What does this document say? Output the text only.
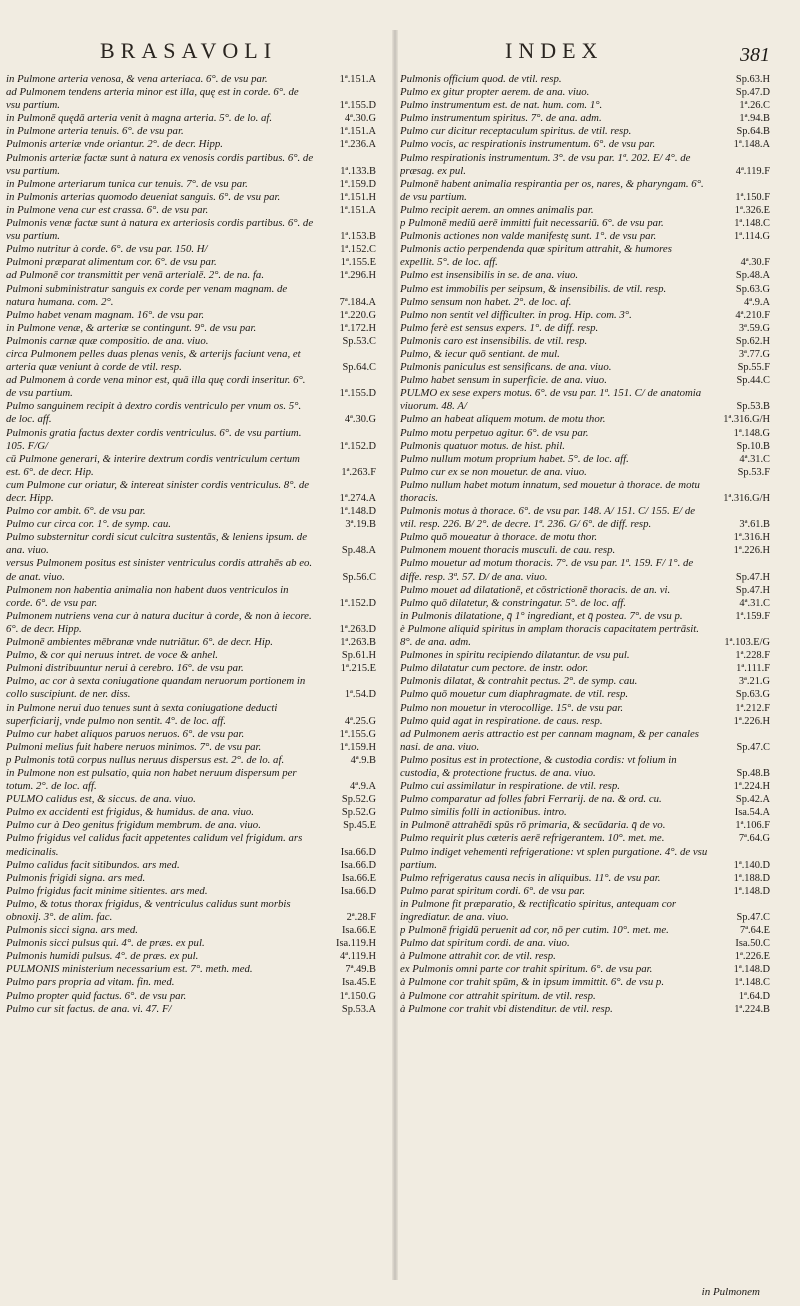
BRASAVOLI	INDEX	381
in Pulmone arteria venosa, & vena arteriaca. 6°. de vsu par.	1ª.151.A
ad Pulmonem tendens arteria minor est illa, quę est in corde. 6°. de vsu partium.	1ª.155.D
in Pulmonē quędā arteria venit à magna arteria. 5°. de lo. af.	4ª.30.G
in Pulmone arteria tenuis. 6°. de vsu par.	1ª.151.A
Pulmonis arteriæ vnde oriantur. 2°. de decr. Hipp.	1ª.236.A
Pulmonis arteriæ factæ sunt à natura ex venosis cordis partibus. 6°. de vsu partium.	1ª.133.B
in Pulmone arteriarum tunica cur tenuis. 7°. de vsu par.	1ª.159.D
in Pulmonis arterias quomodo deueniat sanguis. 6°. de vsu par.	1ª.151.H
in Pulmone vena cur est crassa. 6°. de vsu par.	1ª.151.A
Pulmonis venæ factæ sunt à natura ex arteriosis cordis partibus. 6°. de vsu partium.	1ª.153.B
Pulmo nutritur à corde. 6°. de vsu par. 150. H/	1ª.152.C
Pulmoni præparat alimentum cor. 6°. de vsu par.	1ª.155.E
ad Pulmonē cor transmittit per venā arterialē. 2°. de na. fa.	1ª.296.H
Pulmoni subministratur sanguis ex corde per venam magnam. de natura humana. com. 2°.	7ª.184.A
Pulmo habet venam magnam. 16°. de vsu par.	1ª.220.G
in Pulmone venæ, & arteriæ se contingunt. 9°. de vsu par.	1ª.172.H
Pulmonis carnæ quæ compositio. de ana. viuo.	Sp.53.C
circa Pulmonem pelles duas plenas venis, & arterijs faciunt vena, et arteria quæ veniunt à corde de vtil. resp.	Sp.64.C
ad Pulmonem à corde vena minor est, quā illa quę cordi inseritur. 6°. de vsu partium.	1ª.155.D
Pulmo sanguinem recipit à dextro cordis ventriculo per vnum os. 5°. de loc. aff.	4ª.30.G
Pulmonis gratia factus dexter cordis ventriculus. 6°. de vsu partium. 105. F/G/	1ª.152.D
cū Pulmone generari, & interire dextrum cordis ventriculum certum est. 6°. de decr. Hip.	1ª.263.F
cum Pulmone cur oriatur, & intereat sinister cordis ventriculus. 8°. de decr. Hipp.	1ª.274.A
Pulmo cor ambit. 6°. de vsu par.	1ª.148.D
Pulmo cur circa cor. 1°. de symp. cau.	3ª.19.B
Pulmo substernitur cordi sicut culcitra sustentās, & leniens ipsum. de ana. viuo.	Sp.48.A
versus Pulmonem positus est sinister ventriculus cordis attrahēs ab eo. de anat. viuo.	Sp.56.C
Pulmonem non habentia animalia non habent duos ventriculos in corde. 6°. de vsu par.	1ª.152.D
Pulmonem nutriens vena cur à natura ducitur à corde, & non à iecore. 6°. de decr. Hipp.	1ª.263.D
Pulmonē ambientes mēbranæ vnde nutriātur. 6°. de decr. Hip.	1ª.263.B
Pulmo, & cor qui neruus intret. de voce & anhel.	Sp.61.H
Pulmoni distribuuntur nerui à cerebro. 16°. de vsu par.	1ª.215.E
Pulmo, ac cor à sexta coniugatione quandam neruorum portionem in collo suscipiunt. de ner. diss.	1ª.54.D
in Pulmone nerui duo tenues sunt à sexta coniugatione deducti superficiarij, vnde pulmo non sentit. 4°. de loc. aff.	4ª.25.G
Pulmo cur habet aliquos paruos neruos. 6°. de vsu par.	1ª.155.G
Pulmoni melius fuit habere neruos minimos. 7°. de vsu par.	1ª.159.H
p Pulmonis totū corpus nullus neruus dispersus est. 2°. de lo. af.	4ª.9.B
in Pulmone non est pulsatio, quia non habet neruum dispersum per totum. 2°. de loc. aff.	4ª.9.A
PULMO calidus est, & siccus. de ana. viuo.	Sp.52.G
Pulmo ex accidenti est frigidus, & humidus. de ana. viuo.	Sp.52.G
Pulmo cur à Deo genitus frigidum membrum. de ana. viuo.	Sp.45.E
Pulmo frigidus vel calidus facit appetentes calidum vel frigidum. ars medicinalis.	Isa.66.D
Pulmo calidus facit sitibundos. ars med.	Isa.66.D
Pulmonis frigidi signa. ars med.	Isa.66.E
Pulmo frigidus facit minime sitientes. ars med.	Isa.66.D
Pulmo, & totus thorax frigidus, & ventriculus calidus sunt morbis obnoxij. 3°. de alim. fac.	2ª.28.F
Pulmonis sicci signa. ars med.	Isa.66.E
Pulmonis sicci pulsus qui. 4°. de præs. ex pul.	Isa.119.H
Pulmonis humidi pulsus. 4°. de præs. ex pul.	4ª.119.H
PULMONIS ministerium necessarium est. 7°. meth. med.	7ª.49.B
Pulmo pars propria ad vitam. fin. med.	Isa.45.E
Pulmo propter quid factus. 6°. de vsu par.	1ª.150.G
Pulmo cur sit factus. de ana. vi. 47. F/	Sp.53.A
Pulmonis officium quod. de vtil. resp.	Sp.63.H
Pulmo ex gitur propter aerem. de ana. viuo.	Sp.47.D
Pulmo instrumentum est. de nat. hum. com. 1°.	1ª.26.C
Pulmo instrumentum spiritus. 7°. de ana. adm.	1ª.94.B
Pulmo cur dicitur receptaculum spiritus. de vtil. resp.	Sp.64.B
Pulmo vocis, ac respirationis instrumentum. 6°. de vsu par.	1ª.148.A
Pulmo respirationis instrumentum. 3°. de vsu par. 1ª. 202. E/ 4°. de præsag. ex pul.	4ª.119.F
Pulmonē habent animalia respirantia per os, nares, & pharyngam. 6°. de vsu partium.	1ª.150.F
Pulmo recipit aerem. an omnes animalis par.	1ª.326.E
p Pulmonē mediū aerē immitti fuit necessariū. 6°. de vsu par.	1ª.148.C
Pulmonis actiones non valde manifestę sunt. 1°. de vsu par.	1ª.114.G
Pulmonis actio perpendenda quæ spiritum attrahit, & humores expellit. 5°. de loc. aff.	4ª.30.F
Pulmo est insensibilis in se. de ana. viuo.	Sp.48.A
Pulmo est immobilis per seipsum, & insensibilis. de vtil. resp.	Sp.63.G
Pulmo sensum non habet. 2°. de loc. af.	4ª.9.A
Pulmo non sentit vel difficulter. in prog. Hip. com. 3°.	4ª.210.F
Pulmo ferè est sensus expers. 1°. de diff. resp.	3ª.59.G
Pulmonis caro est insensibilis. de vtil. resp.	Sp.62.H
Pulmo, & iecur quō sentiant. de mul.	3ª.77.G
Pulmonis paniculus est sensificans. de ana. viuo.	Sp.55.F
Pulmo habet sensum in superficie. de ana. viuo.	Sp.44.C
PULMO ex sese expers motus. 6°. de vsu par. 1ª. 151. C/ de anatomia viuorum. 48. A/	Sp.53.B
Pulmo an habeat aliquem motum. de motu thor.	1ª.316.G/H
Pulmo motu perpetuo agitur. 6°. de vsu par.	1ª.148.G
Pulmonis quatuor motus. de hist. phil.	Sp.10.B
Pulmo nullum motum proprium habet. 5°. de loc. aff.	4ª.31.C
Pulmo cur ex se non mouetur. de ana. viuo.	Sp.53.F
Pulmo nullum habet motum innatum, sed mouetur à thorace. de motu thoracis.	1ª.316.G/H
Pulmonis motus à thorace. 6°. de vsu par. 148. A/ 151. C/ 155. E/ de vtil. resp. 226. B/ 2°. de decre. 1ª. 236. G/ 6°. de diff. resp.	3ª.61.B
Pulmo quō moueatur à thorace. de motu thor.	1ª.316.H
Pulmonem mouent thoracis musculi. de cau. resp.	1ª.226.H
Pulmo mouetur ad motum thoracis. 7°. de vsu par. 1ª. 159. F/ 1°. de diffe. resp. 3ª. 57. D/ de ana. viuo.	Sp.47.H
Pulmo mouet ad dilatationē, et cōstrictionē thoracis. de an. vi.	Sp.47.H
Pulmo quō dilatetur, & constringatur. 5°. de loc. aff.	4ª.31.C
in Pulmonis dilatatione, q̄ 1° ingrediant, et q̄ postea. 7°. de vsu p.	1ª.159.F
è Pulmone aliquid spiritus in amplam thoracis capacitatem pertrāsit. 8°. de ana. adm.	1ª.103.E/G
Pulmones in spiritu recipiendo dilatantur. de vsu pul.	1ª.228.F
Pulmo dilatatur cum pectore. de instr. odor.	1ª.111.F
Pulmonis dilatat, & contrahit pectus. 2°. de symp. cau.	3ª.21.G
Pulmo quō mouetur cum diaphragmate. de vtil. resp.	Sp.63.G
Pulmo non mouetur in vterocollige. 15°. de vsu par.	1ª.212.F
Pulmo quid agat in respiratione. de caus. resp.	1ª.226.H
ad Pulmonem aeris attractio est per cannam magnam, & per canales nasi. de ana. viuo.	Sp.47.C
Pulmo positus est in protectione, & custodia cordis: vt folium in custodia, & protectione fructus. de ana. viuo.	Sp.48.B
Pulmo cui assimilatur in respiratione. de vtil. resp.	1ª.224.H
Pulmo comparatur ad folles fabri Ferrarij. de na. & ord. cu.	Sp.42.A
Pulmo similis folli in actionibus. intro.	Isa.54.A
in Pulmonē attrahēdi spūs rō primaria, & secūdaria. q̄ de vo.	1ª.106.F
Pulmo requirit plus cæteris aerē refrigerantem. 10°. met. me.	7ª.64.G
Pulmo indiget vehementi refrigeratione: vt splen purgatione. 4°. de vsu partium.	1ª.140.D
Pulmo refrigeratus causa necis in aliquibus. 11°. de vsu par.	1ª.188.D
Pulmo parat spiritum cordi. 6°. de vsu par.	1ª.148.D
in Pulmone fit præparatio, & rectificatio spiritus, antequam cor ingrediatur. de ana. viuo.	Sp.47.C
p Pulmonē frigidū peruenit ad cor, nō per cutim. 10°. met. me.	7ª.64.E
Pulmo dat spiritum cordi. de ana. viuo.	Isa.50.C
à Pulmone attrahit cor. de vtil. resp.	1ª.226.E
ex Pulmonis omni parte cor trahit spiritum. 6°. de vsu par.	1ª.148.D
à Pulmone cor trahit spūm, & in ipsum immittit. 6°. de vsu p.	1ª.148.C
à Pulmone cor attrahit spiritum. de vtil. resp.	1ª.64.D
à Pulmone cor trahit vbi distenditur. de vtil. resp.	1ª.224.B
in Pulmonem
